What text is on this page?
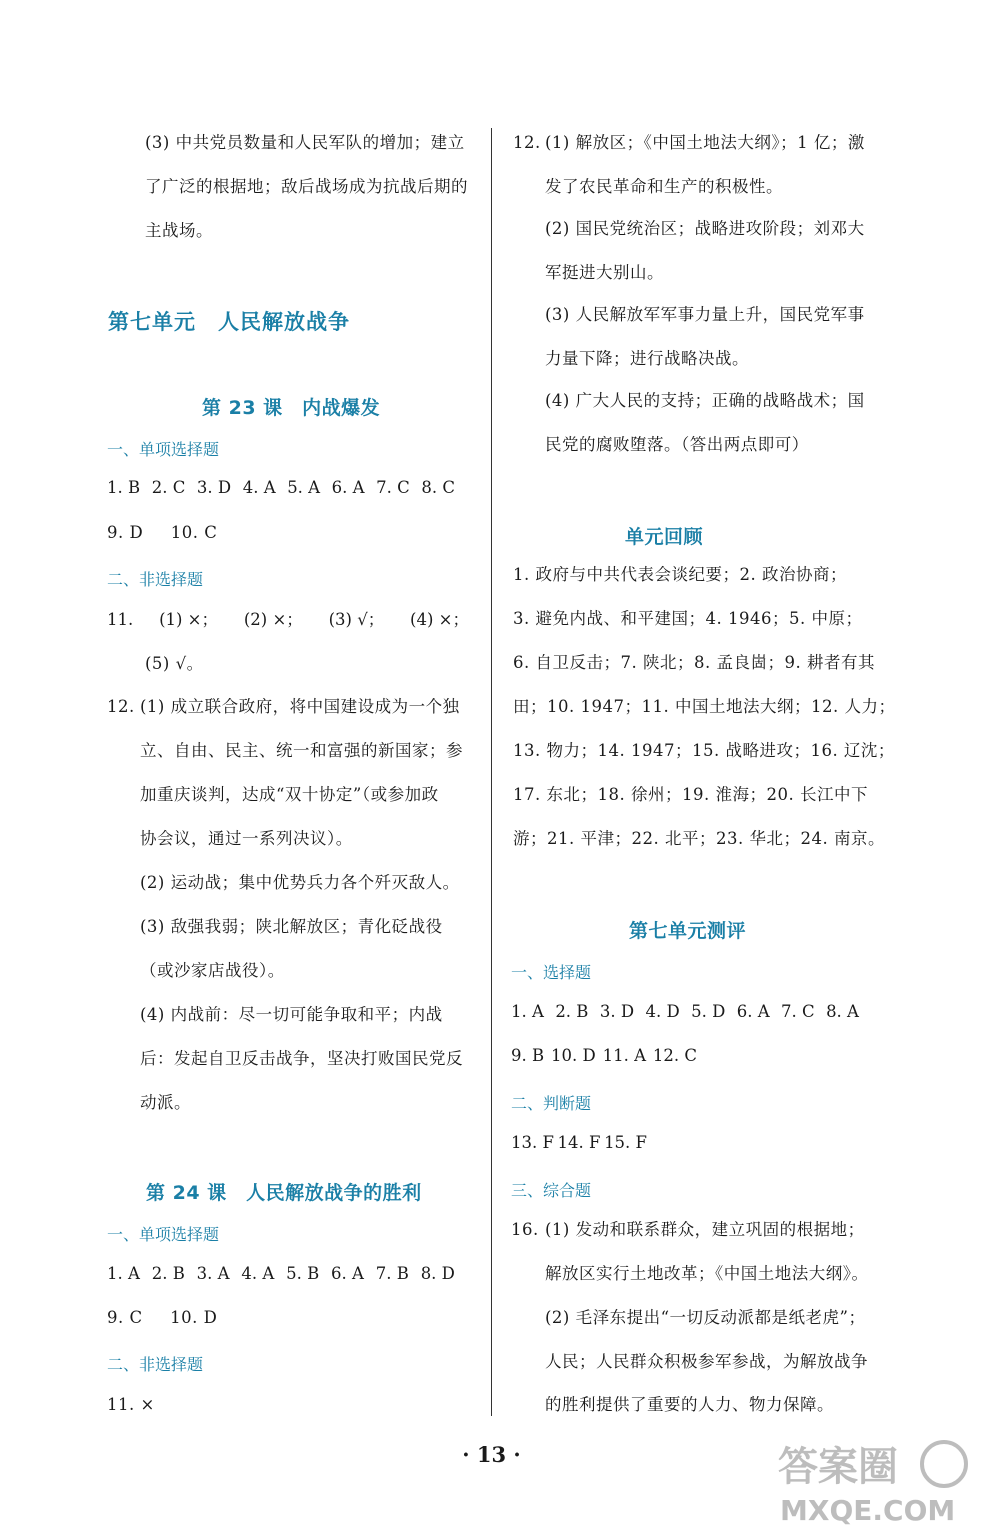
(3) 中共党员数量和人民军队的增加；建立
了广泛的根据地；敌后战场成为抗战后期的
主战场。
第七单元　人民解放战争
第 23 课　内战爆发
一、单项选择题
1. B 2. C 3. D 4. A 5. A 6. A 7. C 8. C
9. D 10. C
二、非选择题
11. (1) ×； (2) ×； (3) √； (4) ×；
(5) √。
12. (1) 成立联合政府，将中国建设成为一个独
立、自由、民主、统一和富强的新国家；参
加重庆谈判，达成“双十协定”（或参加政
协会议，通过一系列决议）。
(2) 运动战；集中优势兵力各个歼灭敌人。
(3) 敌强我弱；陕北解放区；青化砭战役
（或沙家店战役）。
(4) 内战前：尽一切可能争取和平；内战
后：发起自卫反击战争，坚决打败国民党反
动派。
第 24 课　人民解放战争的胜利
一、单项选择题
1. A 2. B 3. A 4. A 5. B 6. A 7. B 8. D
9. C 10. D
二、非选择题
11. ×
12. (1) 解放区；《中国土地法大纲》；1 亿；激
发了农民革命和生产的积极性。
(2) 国民党统治区；战略进攻阶段；刘邓大
军挺进大别山。
(3) 人民解放军军事力量上升，国民党军事
力量下降；进行战略决战。
(4) 广大人民的支持；正确的战略战术；国
民党的腐败堕落。（答出两点即可）
单元回顾
1. 政府与中共代表会谈纪要；2. 政治协商；
3. 避免内战、和平建国；4. 1946；5. 中原；
6. 自卫反击；7. 陕北；8. 孟良崮；9. 耕者有其
田；10. 1947；11. 中国土地法大纲；12. 人力；
13. 物力；14. 1947；15. 战略进攻；16. 辽沈；
17. 东北；18. 徐州；19. 淮海；20. 长江中下
游；21. 平津；22. 北平；23. 华北；24. 南京。
第七单元测评
一、选择题
1. A 2. B 3. D 4. D 5. D 6. A 7. C 8. A
9. B 10. D 11. A 12. C
二、判断题
13. F 14. F 15. F
三、综合题
16. (1) 发动和联系群众，建立巩固的根据地；
解放区实行土地改革；《中国土地法大纲》。
(2) 毛泽东提出“一切反动派都是纸老虎”；
人民；人民群众积极参军参战，为解放战争
的胜利提供了重要的人力、物力保障。
· 13 ·	答案圈
MXQE.COM
